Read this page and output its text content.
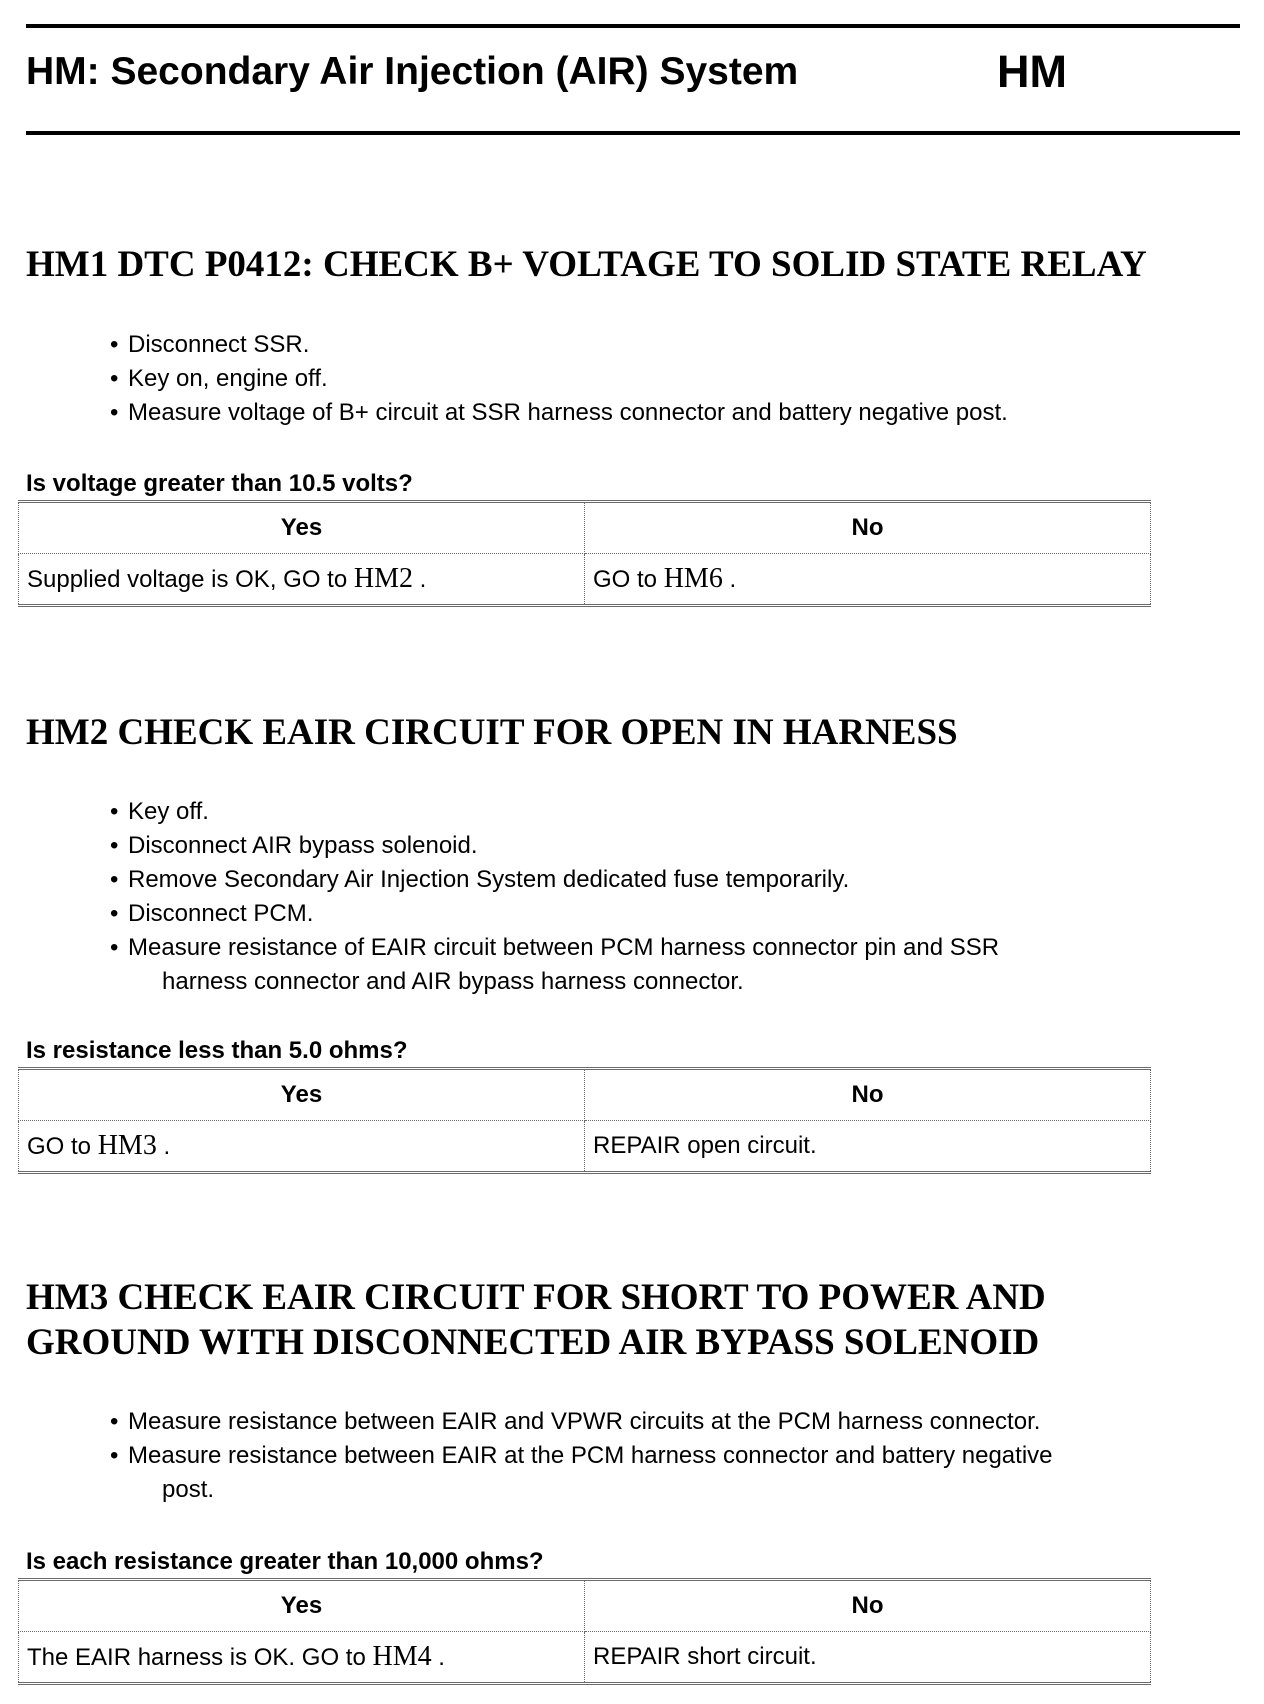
HM: Secondary Air Injection (AIR) System	HM
HM1 DTC P0412: CHECK B+ VOLTAGE TO SOLID STATE RELAY
• Disconnect SSR.
• Key on, engine off.
• Measure voltage of B+ circuit at SSR harness connector and battery negative post.
Is voltage greater than 10.5 volts?
Yes	No
Supplied voltage is OK, GO to HM2 .	GO to HM6 .
HM2 CHECK EAIR CIRCUIT FOR OPEN IN HARNESS
• Key off.
• Disconnect AIR bypass solenoid.
• Remove Secondary Air Injection System dedicated fuse temporarily.
• Disconnect PCM.
• Measure resistance of EAIR circuit between PCM harness connector pin and SSR
harness connector and AIR bypass harness connector.
Is resistance less than 5.0 ohms?
Yes	No
GO to HM3 .	REPAIR open circuit.
HM3 CHECK EAIR CIRCUIT FOR SHORT TO POWER AND
GROUND WITH DISCONNECTED AIR BYPASS SOLENOID
• Measure resistance between EAIR and VPWR circuits at the PCM harness connector.
• Measure resistance between EAIR at the PCM harness connector and battery negative
post.
Is each resistance greater than 10,000 ohms?
Yes	No
The EAIR harness is OK. GO to HM4 .	REPAIR short circuit.
